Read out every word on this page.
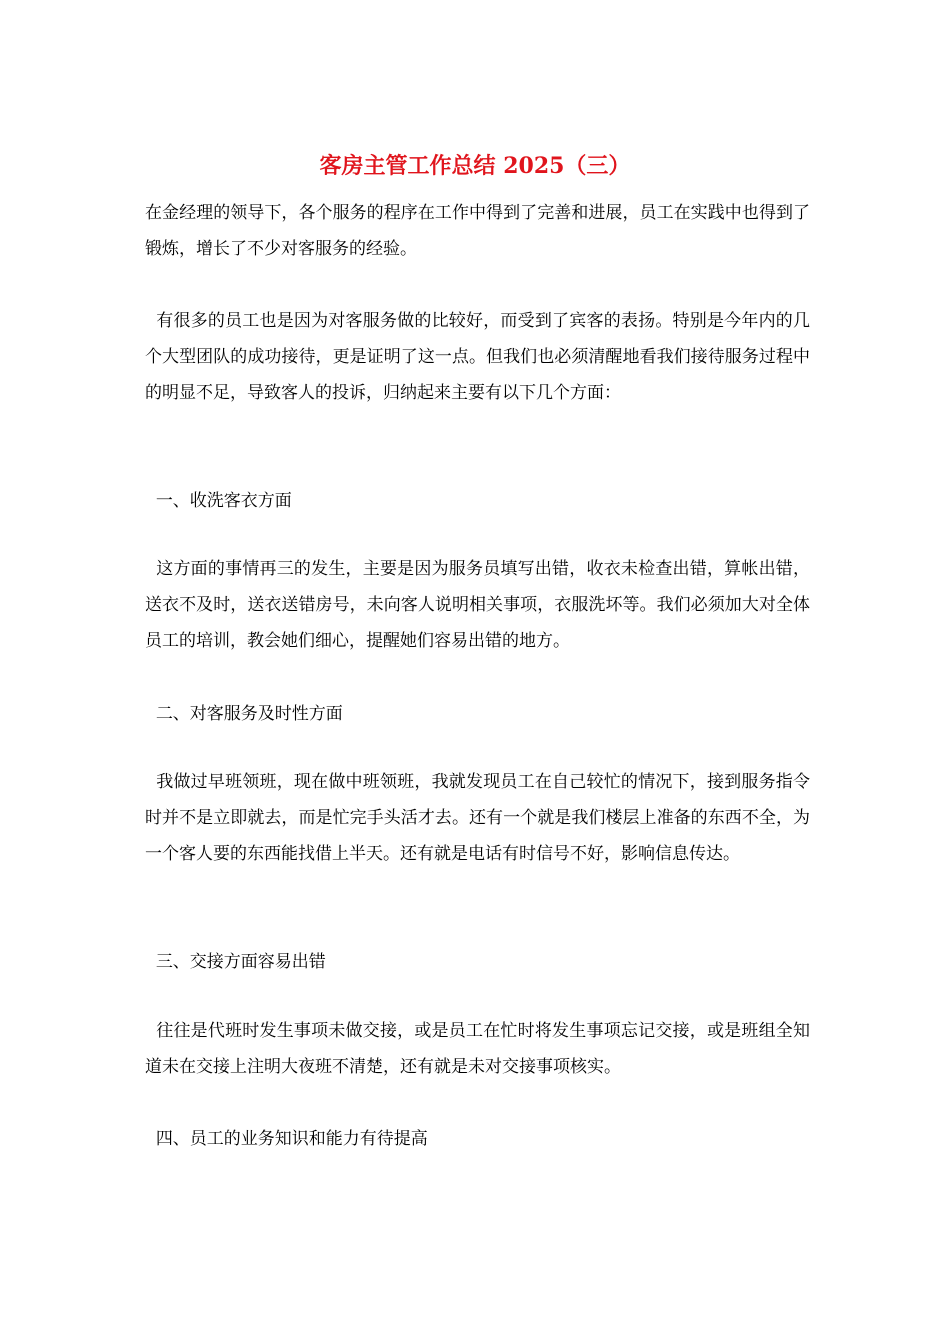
客房主管工作总结 2025（三）

在金经理的领导下，各个服务的程序在工作中得到了完善和进展，员工在实践中也得到了锻炼，增长了不少对客服务的经验。

有很多的员工也是因为对客服务做的比较好，而受到了宾客的表扬。特别是今年内的几个大型团队的成功接待，更是证明了这一点。但我们也必须清醒地看我们接待服务过程中的明显不足，导致客人的投诉，归纳起来主要有以下几个方面：

一、收洗客衣方面

这方面的事情再三的发生，主要是因为服务员填写出错，收衣未检查出错，算帐出错，送衣不及时，送衣送错房号，未向客人说明相关事项，衣服洗坏等。我们必须加大对全体员工的培训，教会她们细心，提醒她们容易出错的地方。

二、对客服务及时性方面

我做过早班领班，现在做中班领班，我就发现员工在自己较忙的情况下，接到服务指令时并不是立即就去，而是忙完手头活才去。还有一个就是我们楼层上准备的东西不全，为一个客人要的东西能找借上半天。还有就是电话有时信号不好，影响信息传达。

三、交接方面容易出错

往往是代班时发生事项未做交接，或是员工在忙时将发生事项忘记交接，或是班组全知道未在交接上注明大夜班不清楚，还有就是未对交接事项核实。

四、员工的业务知识和能力有待提高
